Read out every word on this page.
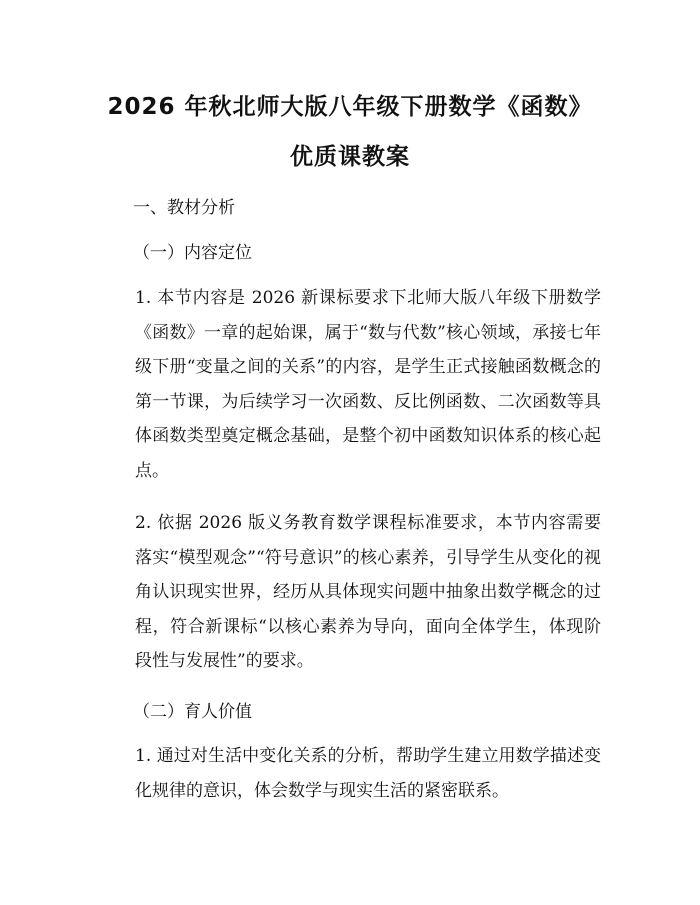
2026 年秋北师大版八年级下册数学《函数》
优质课教案
一、教材分析
（一）内容定位
1. 本节内容是 2026 新课标要求下北师大版八年级下册数学《函数》一章的起始课，属于“数与代数”核心领域，承接七年级下册“变量之间的关系”的内容，是学生正式接触函数概念的第一节课，为后续学习一次函数、反比例函数、二次函数等具体函数类型奠定概念基础，是整个初中函数知识体系的核心起点。
2. 依据 2026 版义务教育数学课程标准要求，本节内容需要落实“模型观念”“符号意识”的核心素养，引导学生从变化的视角认识现实世界，经历从具体现实问题中抽象出数学概念的过程，符合新课标“以核心素养为导向，面向全体学生，体现阶段性与发展性”的要求。
（二）育人价值
1. 通过对生活中变化关系的分析，帮助学生建立用数学描述变化规律的意识，体会数学与现实生活的紧密联系。
